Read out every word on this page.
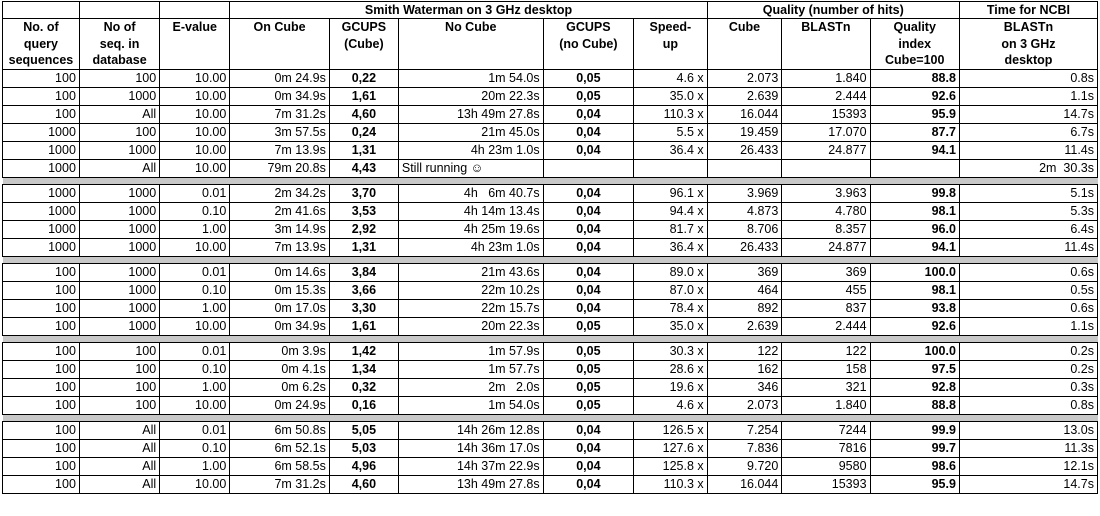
			Smith Waterman on 3 GHz desktop					Quality (number of hits)			Time for NCBI
No. of
query
sequences	No of
seq. in
database	E-value	On Cube	GCUPS
(Cube)	No Cube	GCUPS
(no Cube)	Speed-
up	Cube	BLASTn	Quality
index
Cube=100	BLASTn
on 3 GHz
desktop
100	100	10.00	0m 24.9s	0,22	1m 54.0s	0,05	4.6 x	2.073	1.840	88.8	0.8s
100	1000	10.00	0m 34.9s	1,61	20m 22.3s	0,05	35.0 x	2.639	2.444	92.6	1.1s
100	All	10.00	7m 31.2s	4,60	13h 49m 27.8s	0,04	110.3 x	16.044	15393	95.9	14.7s
1000	100	10.00	3m 57.5s	0,24	21m 45.0s	0,04	5.5 x	19.459	17.070	87.7	6.7s
1000	1000	10.00	7m 13.9s	1,31	4h 23m 1.0s	0,04	36.4 x	26.433	24.877	94.1	11.4s
1000	All	10.00	79m 20.8s	4,43	Still running ☺						2m  30.3s

1000	1000	0.01	2m 34.2s	3,70	4h   6m 40.7s	0,04	96.1 x	3.969	3.963	99.8	5.1s
1000	1000	0.10	2m 41.6s	3,53	4h 14m 13.4s	0,04	94.4 x	4.873	4.780	98.1	5.3s
1000	1000	1.00	3m 14.9s	2,92	4h 25m 19.6s	0,04	81.7 x	8.706	8.357	96.0	6.4s
1000	1000	10.00	7m 13.9s	1,31	4h 23m 1.0s	0,04	36.4 x	26.433	24.877	94.1	11.4s

100	1000	0.01	0m 14.6s	3,84	21m 43.6s	0,04	89.0 x	369	369	100.0	0.6s
100	1000	0.10	0m 15.3s	3,66	22m 10.2s	0,04	87.0 x	464	455	98.1	0.5s
100	1000	1.00	0m 17.0s	3,30	22m 15.7s	0,04	78.4 x	892	837	93.8	0.6s
100	1000	10.00	0m 34.9s	1,61	20m 22.3s	0,05	35.0 x	2.639	2.444	92.6	1.1s

100	100	0.01	0m 3.9s	1,42	1m 57.9s	0,05	30.3 x	122	122	100.0	0.2s
100	100	0.10	0m 4.1s	1,34	1m 57.7s	0,05	28.6 x	162	158	97.5	0.2s
100	100	1.00	0m 6.2s	0,32	2m   2.0s	0,05	19.6 x	346	321	92.8	0.3s
100	100	10.00	0m 24.9s	0,16	1m 54.0s	0,05	4.6 x	2.073	1.840	88.8	0.8s

100	All	0.01	6m 50.8s	5,05	14h 26m 12.8s	0,04	126.5 x	7.254	7244	99.9	13.0s
100	All	0.10	6m 52.1s	5,03	14h 36m 17.0s	0,04	127.6 x	7.836	7816	99.7	11.3s
100	All	1.00	6m 58.5s	4,96	14h 37m 22.9s	0,04	125.8 x	9.720	9580	98.6	12.1s
100	All	10.00	7m 31.2s	4,60	13h 49m 27.8s	0,04	110.3 x	16.044	15393	95.9	14.7s
